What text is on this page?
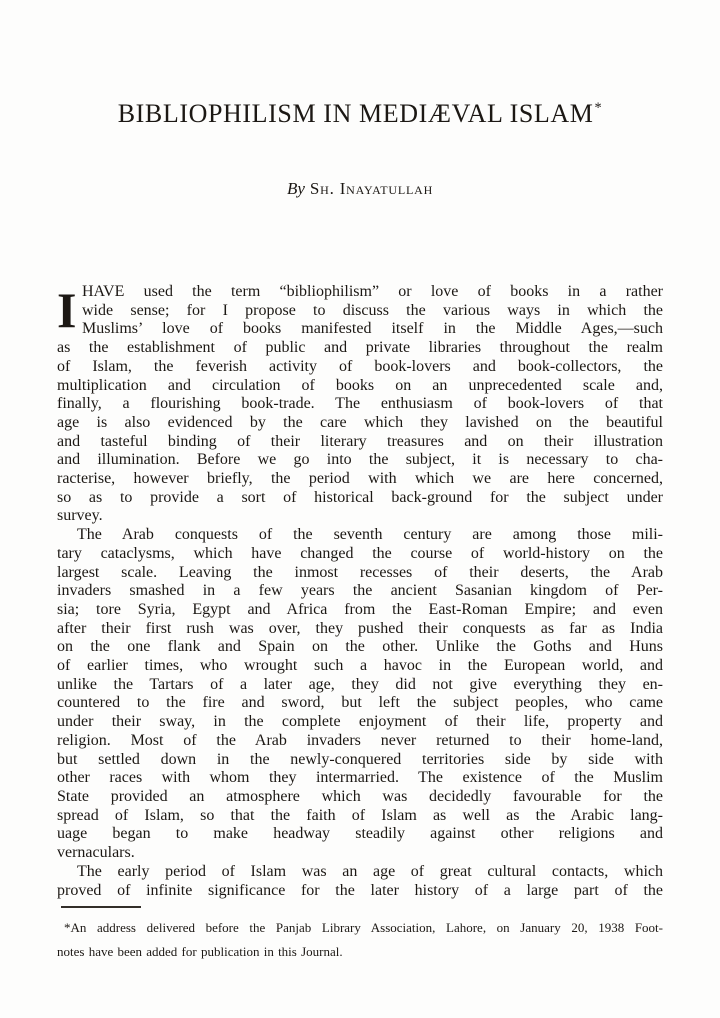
BIBLIOPHILISM IN MEDIÆVAL ISLAM*
By Sh. Inayatullah
I HAVE used the term “bibliophilism” or love of books in a rather
wide sense; for I propose to discuss the various ways in which the
Muslims’ love of books manifested itself in the Middle Ages,—such
as the establishment of public and private libraries throughout the realm
of Islam, the feverish activity of book-lovers and book-collectors, the
multiplication and circulation of books on an unprecedented scale and,
finally, a flourishing book-trade. The enthusiasm of book-lovers of that
age is also evidenced by the care which they lavished on the beautiful
and tasteful binding of their literary treasures and on their illustration
and illumination. Before we go into the subject, it is necessary to cha-
racterise, however briefly, the period with which we are here concerned,
so as to provide a sort of historical back-ground for the subject under
survey.
The Arab conquests of the seventh century are among those mili-
tary cataclysms, which have changed the course of world-history on the
largest scale. Leaving the inmost recesses of their deserts, the Arab
invaders smashed in a few years the ancient Sasanian kingdom of Per-
sia; tore Syria, Egypt and Africa from the East-Roman Empire; and even
after their first rush was over, they pushed their conquests as far as India
on the one flank and Spain on the other. Unlike the Goths and Huns
of earlier times, who wrought such a havoc in the European world, and
unlike the Tartars of a later age, they did not give everything they en-
countered to the fire and sword, but left the subject peoples, who came
under their sway, in the complete enjoyment of their life, property and
religion. Most of the Arab invaders never returned to their home-land,
but settled down in the newly-conquered territories side by side with
other races with whom they intermarried. The existence of the Muslim
State provided an atmosphere which was decidedly favourable for the
spread of Islam, so that the faith of Islam as well as the Arabic lang-
uage began to make headway steadily against other religions and
vernaculars.
The early period of Islam was an age of great cultural contacts, which
proved of infinite significance for the later history of a large part of the
*An address delivered before the Panjab Library Association, Lahore, on January 20, 1938 Foot-
notes have been added for publication in this Journal.
